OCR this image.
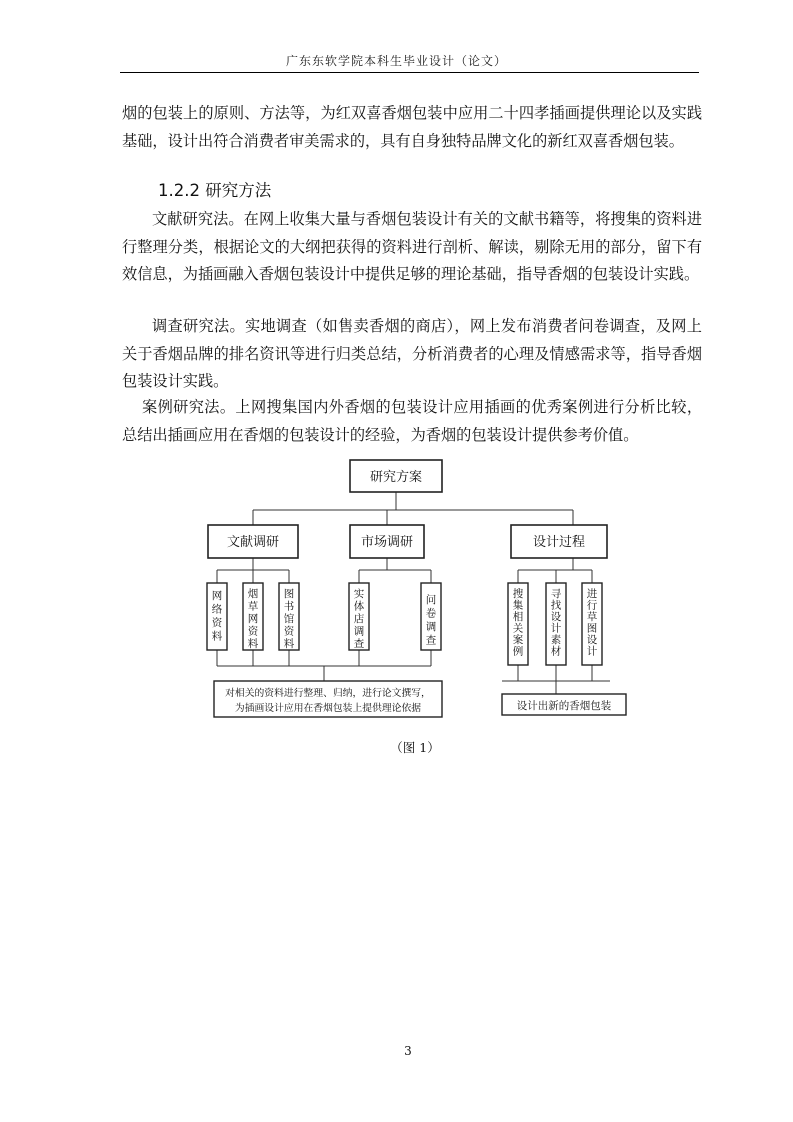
广东东软学院本科生毕业设计（论文）
烟的包装上的原则、方法等，为红双喜香烟包装中应用二十四孝插画提供理论以及实践基础，设计出符合消费者审美需求的，具有自身独特品牌文化的新红双喜香烟包装。
1.2.2 研究方法
文献研究法。在网上收集大量与香烟包装设计有关的文献书籍等，将搜集的资料进行整理分类，根据论文的大纲把获得的资料进行剖析、解读，剔除无用的部分，留下有效信息，为插画融入香烟包装设计中提供足够的理论基础，指导香烟的包装设计实践。
调查研究法。实地调查（如售卖香烟的商店），网上发布消费者问卷调查，及网上关于香烟品牌的排名资讯等进行归类总结，分析消费者的心理及情感需求等，指导香烟包装设计实践。
案例研究法。上网搜集国内外香烟的包装设计应用插画的优秀案例进行分析比较，总结出插画应用在香烟的包装设计的经验，为香烟的包装设计提供参考价值。
研究方案
文献调研	市场调研	设计过程
网络资料
烟草网资料
图书馆资料
实体店调查
问卷调查
搜集相关案例
寻找设计素材
进行草图设计
对相关的资料进行整理、归纳，进行论文撰写，
为插画设计应用在香烟包装上提供理论依据	设计出新的香烟包装
（图 1）
3
